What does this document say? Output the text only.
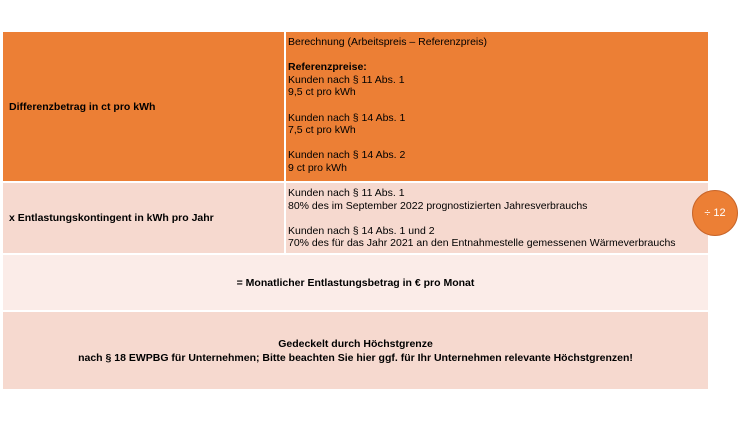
Differenzbetrag in ct pro kWh
Berechnung (Arbeitspreis – Referenzpreis)
Referenzpreise:
Kunden nach § 11 Abs. 1
9,5 ct pro kWh
Kunden nach § 14 Abs. 1
7,5 ct pro kWh
Kunden nach § 14 Abs. 2
9 ct pro kWh
x Entlastungskontingent in kWh pro Jahr
Kunden nach § 11 Abs. 1
80% des im September 2022 prognostizierten Jahresverbrauchs
Kunden nach § 14 Abs. 1 und 2
70% des für das Jahr 2021 an den Entnahmestelle gemessenen Wärmeverbrauchs
= Monatlicher Entlastungsbetrag in € pro Monat
Gedeckelt durch Höchstgrenze
nach § 18 EWPBG für Unternehmen; Bitte beachten Sie hier ggf. für Ihr Unternehmen relevante Höchstgrenzen!
÷ 12
